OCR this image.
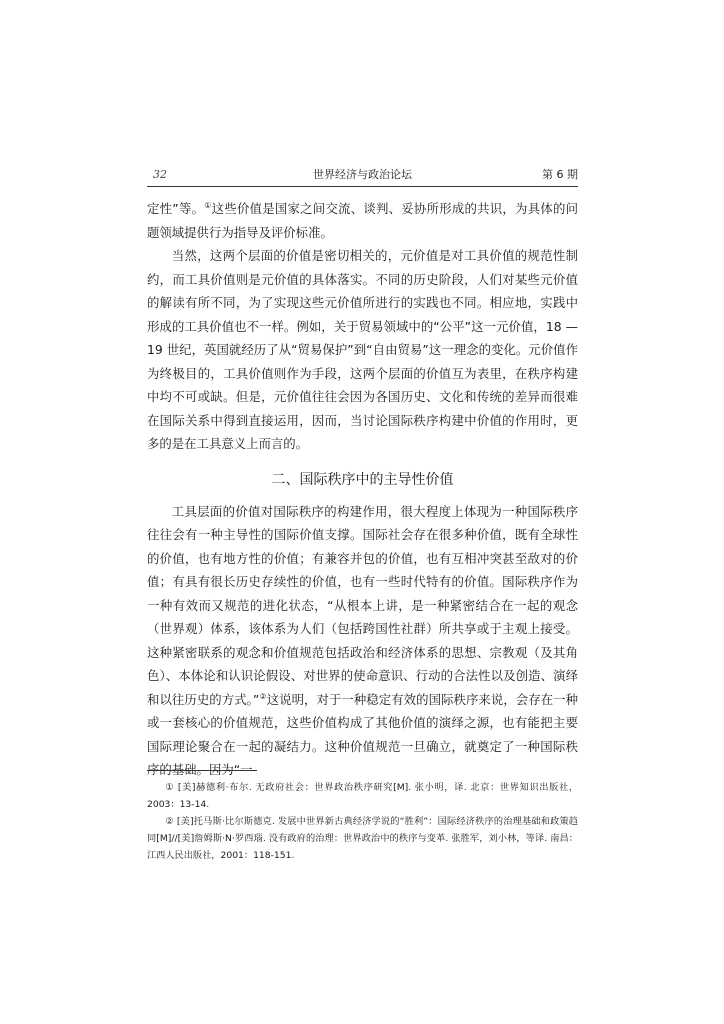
32	世界经济与政治论坛	第 6 期

定性”等。①这些价值是国家之间交流、谈判、妥协所形成的共识，为具体的问题领域提供行为指导及评价标准。

当然，这两个层面的价值是密切相关的，元价值是对工具价值的规范性制约，而工具价值则是元价值的具体落实。不同的历史阶段，人们对某些元价值的解读有所不同，为了实现这些元价值所进行的实践也不同。相应地，实践中形成的工具价值也不一样。例如，关于贸易领域中的“公平”这一元价值，18 — 19 世纪，英国就经历了从“贸易保护”到“自由贸易”这一理念的变化。元价值作为终极目的，工具价值则作为手段，这两个层面的价值互为表里，在秩序构建中均不可或缺。但是，元价值往往会因为各国历史、文化和传统的差异而很难在国际关系中得到直接运用，因而，当讨论国际秩序构建中价值的作用时，更多的是在工具意义上而言的。

二、国际秩序中的主导性价值

工具层面的价值对国际秩序的构建作用，很大程度上体现为一种国际秩序往往会有一种主导性的国际价值支撑。国际社会存在很多种价值，既有全球性的价值，也有地方性的价值；有兼容并包的价值，也有互相冲突甚至敌对的价值；有具有很长历史存续性的价值，也有一些时代特有的价值。国际秩序作为一种有效而又规范的进化状态，“从根本上讲，是一种紧密结合在一起的观念（世界观）体系，该体系为人们（包括跨国性社群）所共享或于主观上接受。这种紧密联系的观念和价值规范包括政治和经济体系的思想、宗教观（及其角色）、本体论和认识论假设、对世界的使命意识、行动的合法性以及创造、演绎和以往历史的方式。”②这说明，对于一种稳定有效的国际秩序来说，会存在一种或一套核心的价值规范，这些价值构成了其他价值的演绎之源，也有能把主要国际理论聚合在一起的凝结力。这种价值规范一旦确立，就奠定了一种国际秩序的基础。因为“一

① [美]赫德利·布尔. 无政府社会：世界政治秩序研究[M]. 张小明，译. 北京：世界知识出版社，2003：13-14.

② [美]托马斯·比尔斯德克. 发展中世界新古典经济学说的“胜利”：国际经济秩序的治理基础和政策趋同[M]//[美]詹姆斯·N·罗西瑙. 没有政府的治理：世界政治中的秩序与变革. 张胜军，刘小林，等译. 南昌：江西人民出版社，2001：118-151.
